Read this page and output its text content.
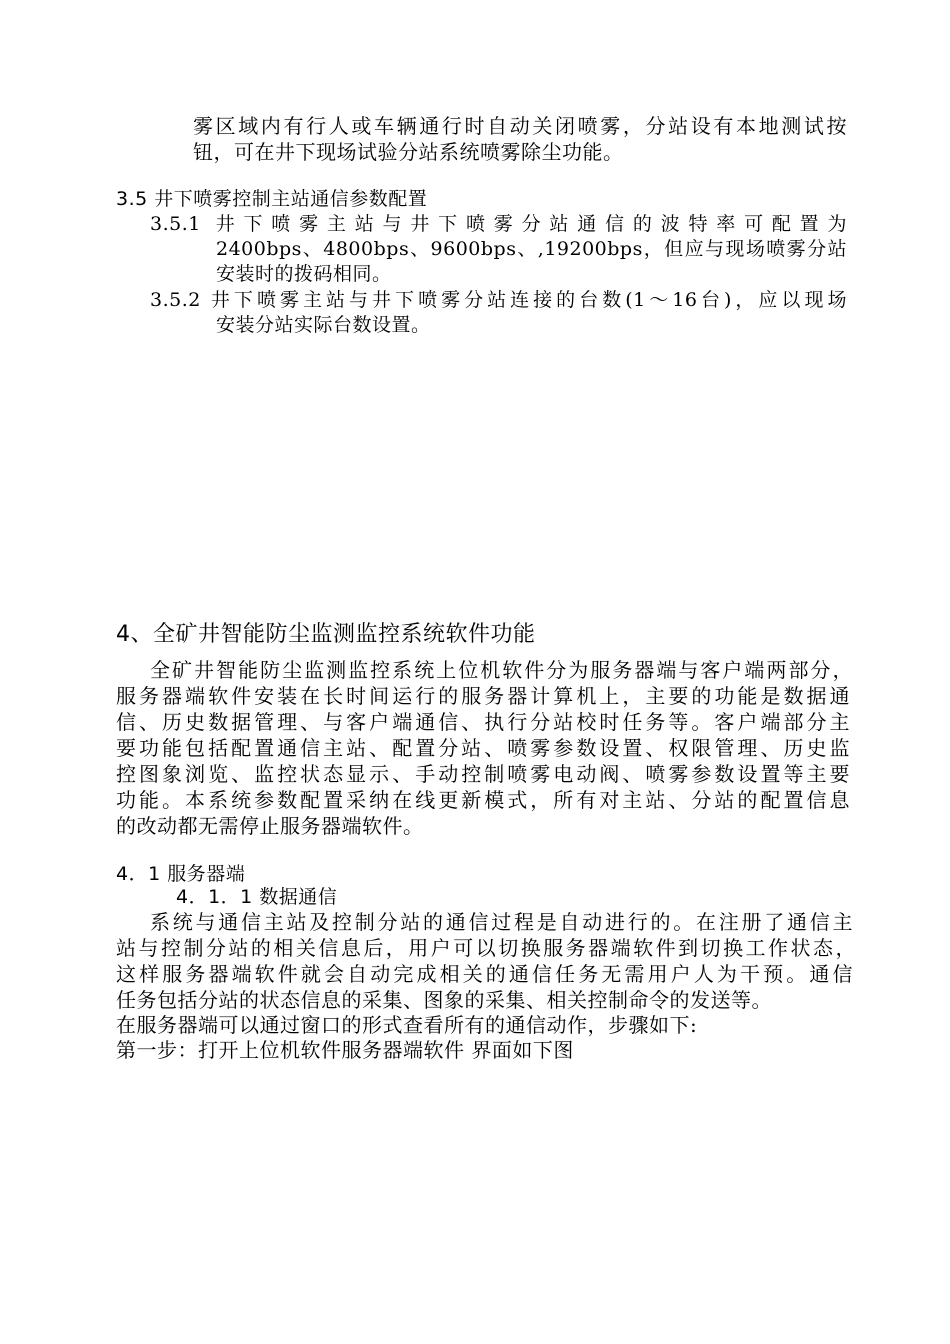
雾区域内有行人或车辆通行时自动关闭喷雾，分站设有本地测试按
钮，可在井下现场试验分站系统喷雾除尘功能。
3.5 井下喷雾控制主站通信参数配置
3.5.1 井下喷雾主站与井下喷雾分站通信的波特率可配置为
2400bps、4800bps、9600bps、,19200bps，但应与现场喷雾分站
安装时的拨码相同。
3.5.2 井下喷雾主站与井下喷雾分站连接的台数(1～16台)，应以现场
安装分站实际台数设置。
4、全矿井智能防尘监测监控系统软件功能
全矿井智能防尘监测监控系统上位机软件分为服务器端与客户端两部分，
服务器端软件安装在长时间运行的服务器计算机上，主要的功能是数据通
信、历史数据管理、与客户端通信、执行分站校时任务等。客户端部分主
要功能包括配置通信主站、配置分站、喷雾参数设置、权限管理、历史监
控图象浏览、监控状态显示、手动控制喷雾电动阀、喷雾参数设置等主要
功能。本系统参数配置采纳在线更新模式，所有对主站、分站的配置信息
的改动都无需停止服务器端软件。
4．1 服务器端
4．1．1 数据通信
系统与通信主站及控制分站的通信过程是自动进行的。在注册了通信主
站与控制分站的相关信息后，用户可以切换服务器端软件到切换工作状态，
这样服务器端软件就会自动完成相关的通信任务无需用户人为干预。通信
任务包括分站的状态信息的采集、图象的采集、相关控制命令的发送等。
在服务器端可以通过窗口的形式查看所有的通信动作，步骤如下:
第一步：打开上位机软件服务器端软件 界面如下图
